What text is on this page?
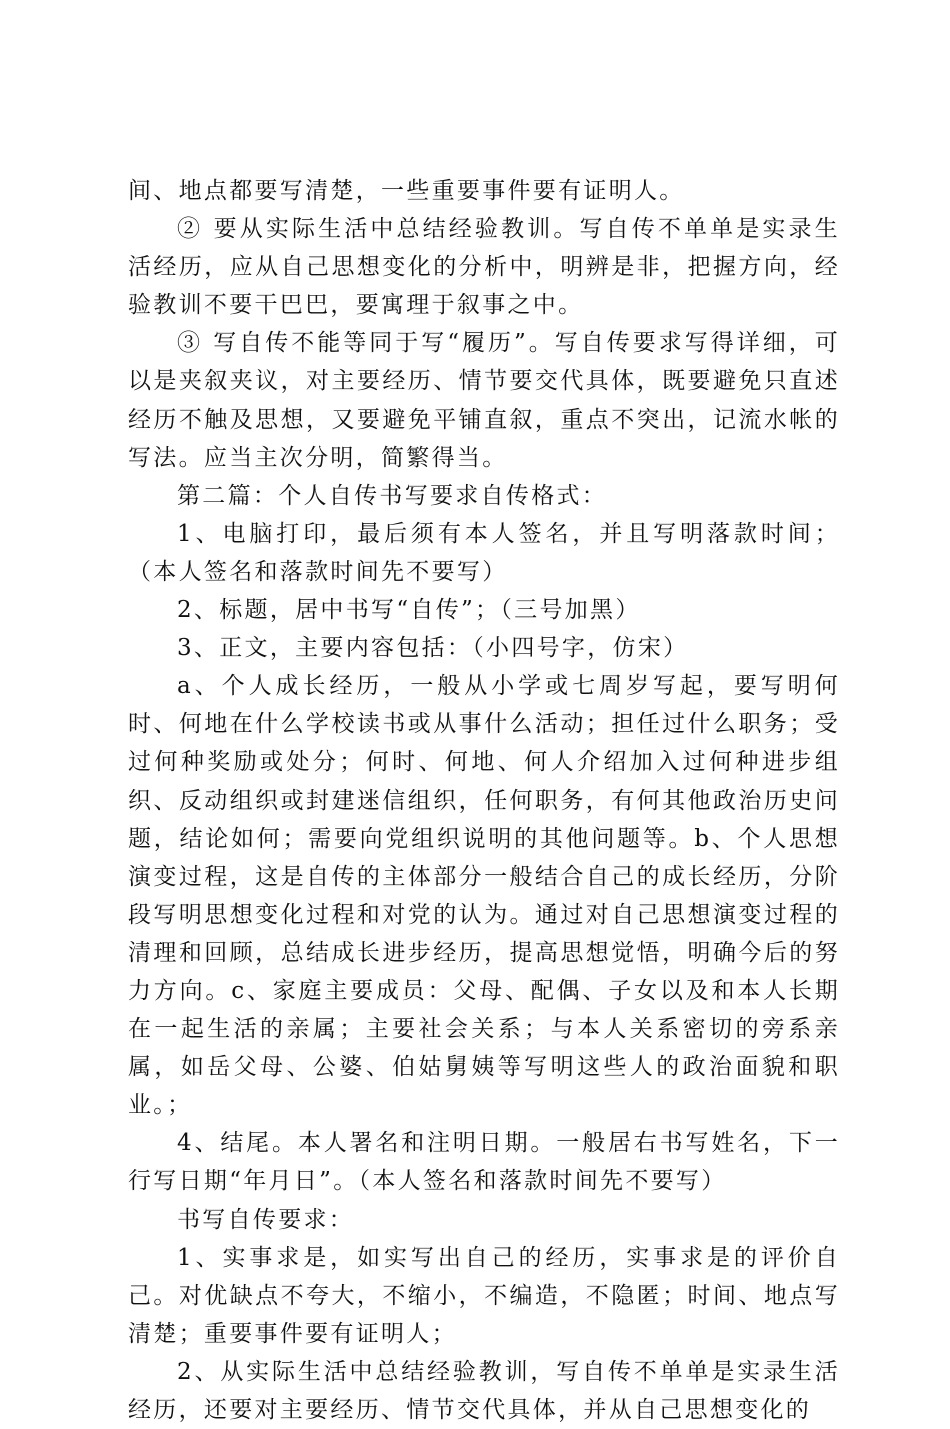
间、地点都要写清楚，一些重要事件要有证明人。

② 要从实际生活中总结经验教训。写自传不单单是实录生活经历，应从自己思想变化的分析中，明辨是非，把握方向，经验教训不要干巴巴，要寓理于叙事之中。

③ 写自传不能等同于写“履历”。写自传要求写得详细，可以是夹叙夹议，对主要经历、情节要交代具体，既要避免只直述经历不触及思想，又要避免平铺直叙，重点不突出，记流水帐的写法。应当主次分明，简繁得当。

第二篇：个人自传书写要求自传格式：

1、电脑打印，最后须有本人签名，并且写明落款时间；（本人签名和落款时间先不要写）

2、标题，居中书写“自传”；（三号加黑）

3、正文，主要内容包括：（小四号字，仿宋）

a、个人成长经历，一般从小学或七周岁写起，要写明何时、何地在什么学校读书或从事什么活动；担任过什么职务；受过何种奖励或处分；何时、何地、何人介绍加入过何种进步组织、反动组织或封建迷信组织，任何职务，有何其他政治历史问题，结论如何；需要向党组织说明的其他问题等。b、个人思想演变过程，这是自传的主体部分一般结合自己的成长经历，分阶段写明思想变化过程和对党的认为。通过对自己思想演变过程的清理和回顾，总结成长进步经历，提高思想觉悟，明确今后的努力方向。c、家庭主要成员：父母、配偶、子女以及和本人长期在一起生活的亲属；主要社会关系；与本人关系密切的旁系亲属，如岳父母、公婆、伯姑舅姨等写明这些人的政治面貌和职业。；

4、结尾。本人署名和注明日期。一般居右书写姓名，下一行写日期“年月日”。（本人签名和落款时间先不要写）

书写自传要求：

1、实事求是，如实写出自己的经历，实事求是的评价自己。对优缺点不夸大，不缩小，不编造，不隐匿；时间、地点写清楚；重要事件要有证明人；

2、从实际生活中总结经验教训，写自传不单单是实录生活经历，还要对主要经历、情节交代具体，并从自己思想变化的
